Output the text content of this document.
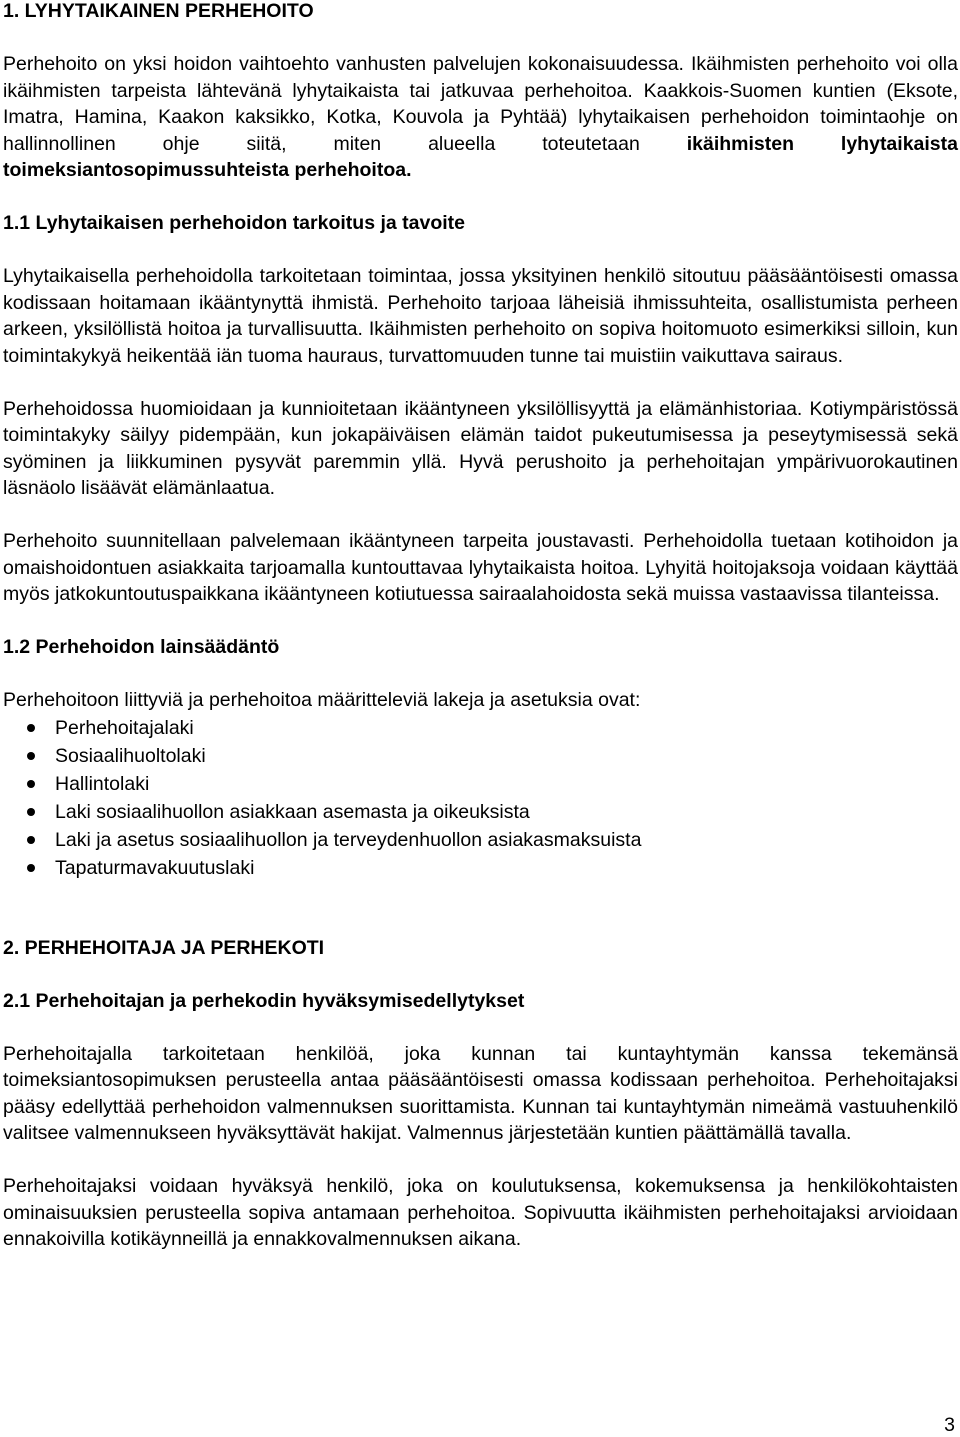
1. LYHYTAIKAINEN PERHEHOITO

Perhehoito on yksi hoidon vaihtoehto vanhusten palvelujen kokonaisuudessa. Ikäihmisten perhehoito voi olla ikäihmisten tarpeista lähtevänä lyhytaikaista tai jatkuvaa perhehoitoa. Kaakkois-Suomen kuntien (Eksote, Imatra, Hamina, Kaakon kaksikko, Kotka, Kouvola ja Pyhtää) lyhytaikaisen perhehoidon toimintaohje on hallinnollinen ohje siitä, miten alueella toteutetaan ikäihmisten lyhytaikaista toimeksiantosopimussuhteista perhehoitoa.

1.1 Lyhytaikaisen perhehoidon tarkoitus ja tavoite

Lyhytaikaisella perhehoidolla tarkoitetaan toimintaa, jossa yksityinen henkilö sitoutuu pääsääntöisesti omassa kodissaan hoitamaan ikääntynyttä ihmistä. Perhehoito tarjoaa läheisiä ihmissuhteita, osallistumista perheen arkeen, yksilöllistä hoitoa ja turvallisuutta. Ikäihmisten perhehoito on sopiva hoitomuoto esimerkiksi silloin, kun toimintakykyä heikentää iän tuoma hauraus, turvattomuuden tunne tai muistiin vaikuttava sairaus.

Perhehoidossa huomioidaan ja kunnioitetaan ikääntyneen yksilöllisyyttä ja elämänhistoriaa. Kotiympäristössä toimintakyky säilyy pidempään, kun jokapäiväisen elämän taidot pukeutumisessa ja peseytymisessä sekä syöminen ja liikkuminen pysyvät paremmin yllä. Hyvä perushoito ja perhehoitajan ympärivuorokautinen läsnäolo lisäävät elämänlaatua.

Perhehoito suunnitellaan palvelemaan ikääntyneen tarpeita joustavasti. Perhehoidolla tuetaan kotihoidon ja omaishoidontuen asiakkaita tarjoamalla kuntouttavaa lyhytaikaista hoitoa. Lyhyitä hoitojaksoja voidaan käyttää myös jatkokuntoutuspaikkana ikääntyneen kotiutuessa sairaalahoidosta sekä muissa vastaavissa tilanteissa.

1.2 Perhehoidon lainsäädäntö

Perhehoitoon liittyviä ja perhehoitoa määritteleviä lakeja ja asetuksia ovat:

Perhehoitajalaki
Sosiaalihuoltolaki
Hallintolaki
Laki sosiaalihuollon asiakkaan asemasta ja oikeuksista
Laki ja asetus sosiaalihuollon ja terveydenhuollon asiakasmaksuista
Tapaturmavakuutuslaki
2. PERHEHOITAJA JA PERHEKOTI
2.1 Perhehoitajan ja perhekodin hyväksymisedellytykset

Perhehoitajalla tarkoitetaan henkilöä, joka kunnan tai kuntayhtymän kanssa tekemänsä toimeksiantosopimuksen perusteella antaa pääsääntöisesti omassa kodissaan perhehoitoa. Perhehoitajaksi pääsy edellyttää perhehoidon valmennuksen suorittamista. Kunnan tai kuntayhtymän nimeämä vastuuhenkilö valitsee valmennukseen hyväksyttävät hakijat. Valmennus järjestetään kuntien päättämällä tavalla.

Perhehoitajaksi voidaan hyväksyä henkilö, joka on koulutuksensa, kokemuksensa ja henkilökohtaisten ominaisuuksien perusteella sopiva antamaan perhehoitoa. Sopivuutta ikäihmisten perhehoitajaksi arvioidaan ennakoivilla kotikäynneillä ja ennakkovalmennuksen aikana.

3
